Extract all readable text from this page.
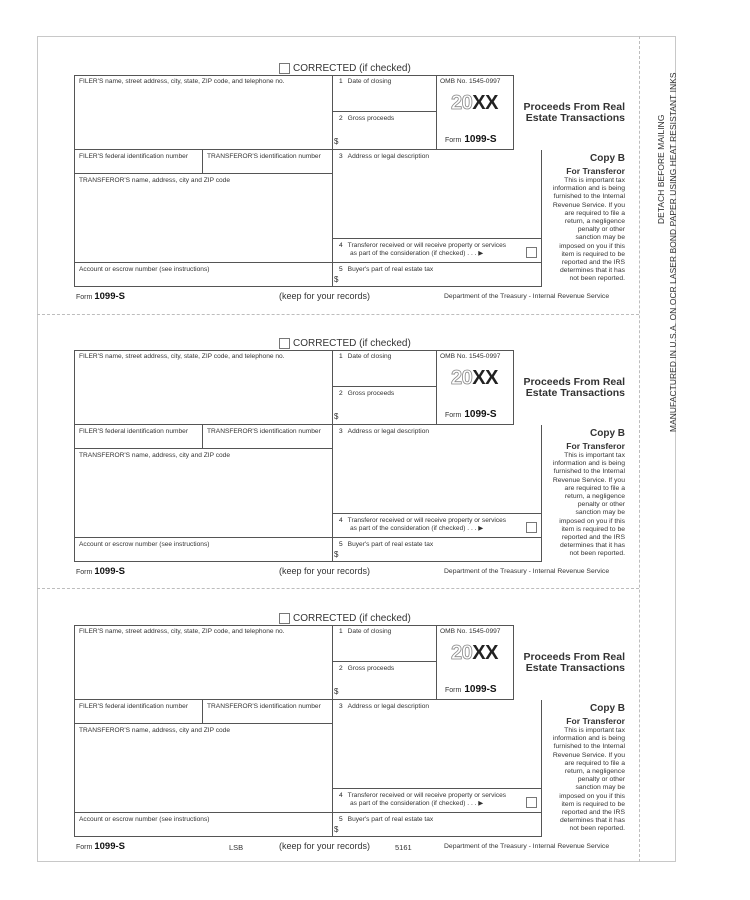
DETACH BEFORE MAILING MANUFACTURED IN U.S.A. ON OCR LASER BOND PAPER USING HEAT RESISTANT INKS
CORRECTED (if checked)
FILER'S name, street address, city, state, ZIP code, and telephone no.	1 Date of closing
2 Gross proceeds
$
OMB No. 1545-0997
20XX
Form 1099-S
Proceeds From Real
Estate Transactions
FILER'S federal identification number	TRANSFEROR'S identification number	3 Address or legal description
TRANSFEROR'S name, address, city and ZIP code
4 Transferor received or will receive property or services
as part of the consideration (if checked) . . . ▶
Account or escrow number (see instructions)	5 Buyer's part of real estate tax
$
Copy B
For Transferor
This is important tax
information and is being
furnished to the Internal
Revenue Service. If you
are required to file a
return, a negligence
penalty or other
sanction may be
imposed on you if this
item is required to be
reported and the IRS
determines that it has
not been reported.
Form 1099-S	(keep for your records)	Department of the Treasury - Internal Revenue Service
CORRECTED (if checked)
FILER'S name, street address, city, state, ZIP code, and telephone no.	1 Date of closing
2 Gross proceeds
$
OMB No. 1545-0997
20XX
Form 1099-S
Proceeds From Real
Estate Transactions
FILER'S federal identification number	TRANSFEROR'S identification number	3 Address or legal description
TRANSFEROR'S name, address, city and ZIP code
4 Transferor received or will receive property or services
as part of the consideration (if checked) . . . ▶
Account or escrow number (see instructions)	5 Buyer's part of real estate tax
$
Copy B
For Transferor
This is important tax
information and is being
furnished to the Internal
Revenue Service. If you
are required to file a
return, a negligence
penalty or other
sanction may be
imposed on you if this
item is required to be
reported and the IRS
determines that it has
not been reported.
Form 1099-S	(keep for your records)	Department of the Treasury - Internal Revenue Service
CORRECTED (if checked)
FILER'S name, street address, city, state, ZIP code, and telephone no.	1 Date of closing
2 Gross proceeds
$
OMB No. 1545-0997
20XX
Form 1099-S
Proceeds From Real
Estate Transactions
FILER'S federal identification number	TRANSFEROR'S identification number	3 Address or legal description
TRANSFEROR'S name, address, city and ZIP code
4 Transferor received or will receive property or services
as part of the consideration (if checked) . . . ▶
Account or escrow number (see instructions)	5 Buyer's part of real estate tax
$
Copy B
For Transferor
This is important tax
information and is being
furnished to the Internal
Revenue Service. If you
are required to file a
return, a negligence
penalty or other
sanction may be
imposed on you if this
item is required to be
reported and the IRS
determines that it has
not been reported.
Form 1099-S	LSB	(keep for your records)	5161	Department of the Treasury - Internal Revenue Service
